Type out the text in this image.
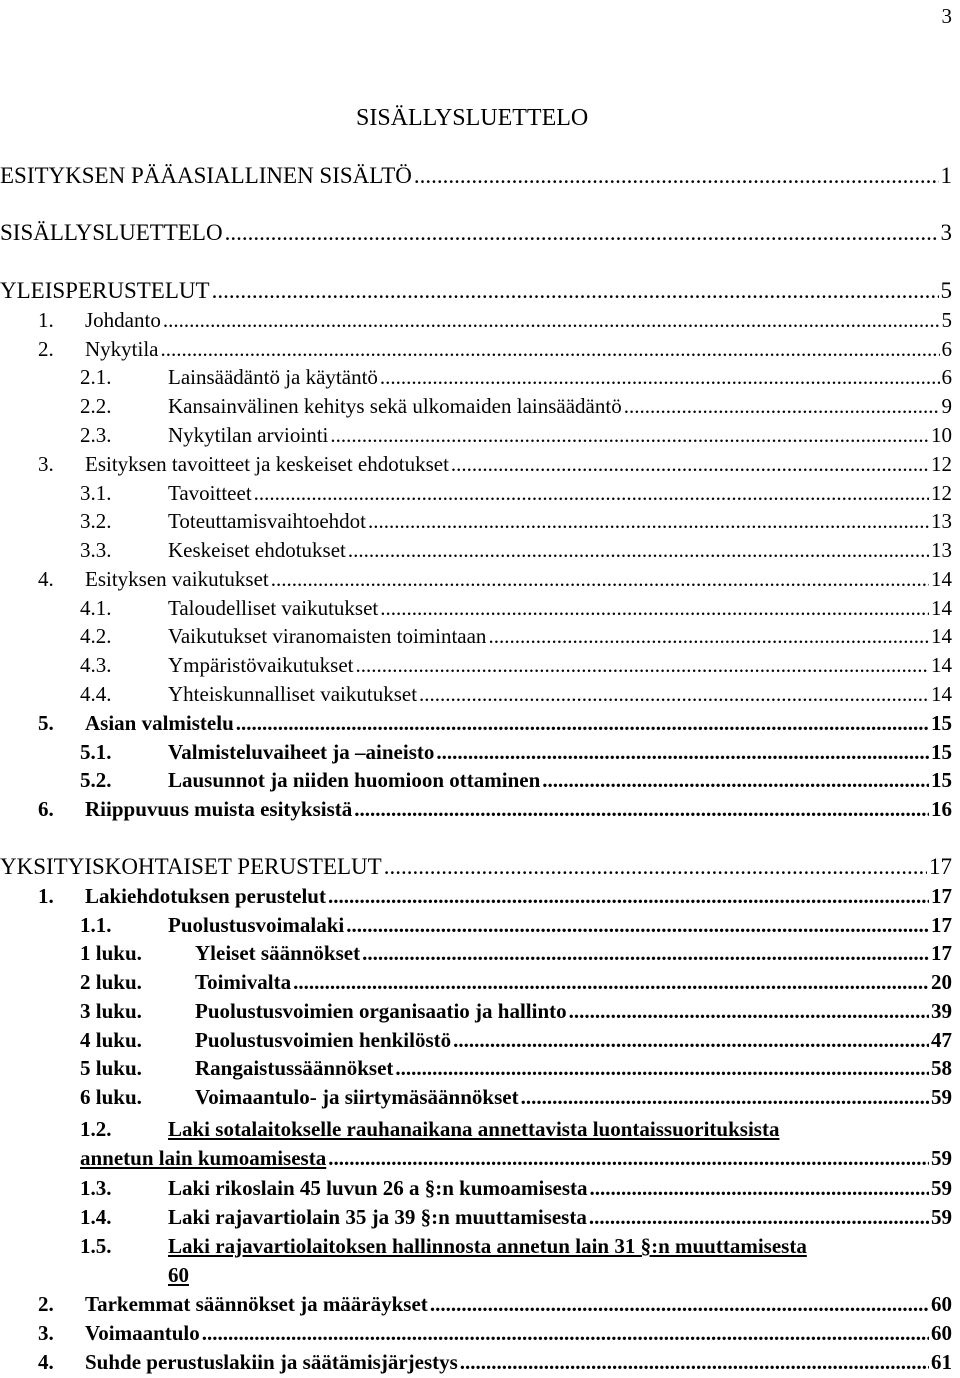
3
SISÄLLYSLUETTELO
ESITYKSEN PÄÄASIALLINEN SISÄLTÖ .....	1
SISÄLLYSLUETTELO .....	3
YLEISPERUSTELUT .....	5
1.	Johdanto .....	5
2.	Nykytila .....	6
2.1.	Lainsäädäntö ja käytäntö .....	6
2.2.	Kansainvälinen kehitys sekä ulkomaiden lainsäädäntö .....	9
2.3.	Nykytilan arviointi .....	10
3.	Esityksen tavoitteet ja keskeiset ehdotukset .....	12
3.1.	Tavoitteet .....	12
3.2.	Toteuttamisvaihtoehdot .....	13
3.3.	Keskeiset ehdotukset .....	13
4.	Esityksen vaikutukset .....	14
4.1.	Taloudelliset vaikutukset .....	14
4.2.	Vaikutukset viranomaisten toimintaan .....	14
4.3.	Ympäristövaikutukset .....	14
4.4.	Yhteiskunnalliset vaikutukset .....	14
5.	Asian valmistelu .....	15
5.1.	Valmisteluvaiheet ja –aineisto .....	15
5.2.	Lausunnot ja niiden huomioon ottaminen .....	15
6.	Riippuvuus muista esityksistä .....	16
YKSITYISKOHTAISET PERUSTELUT .....	17
1.	Lakiehdotuksen perustelut .....	17
1.1.	Puolustusvoimalaki .....	17
1 luku.	Yleiset säännökset .....	17
2 luku.	Toimivalta .....	20
3 luku.	Puolustusvoimien organisaatio ja hallinto .....	39
4 luku.	Puolustusvoimien henkilöstö .....	47
5 luku.	Rangaistussäännökset .....	58
6 luku.	Voimaantulo- ja siirtymäsäännökset .....	59
1.2.	Laki sotalaitokselle rauhanaikana annettavista luontaissuorituksista
annetun lain kumoamisesta .....	59
1.3.	Laki rikoslain 45 luvun 26 a §:n kumoamisesta .....	59
1.4.	Laki rajavartiolain 35 ja 39 §:n muuttamisesta .....	59
1.5.	Laki rajavartiolaitoksen hallinnosta annetun lain 31 §:n muuttamisesta
60
2.	Tarkemmat säännökset ja määräykset .....	60
3.	Voimaantulo .....	60
4.	Suhde perustuslakiin ja säätämisjärjestys .....	61
